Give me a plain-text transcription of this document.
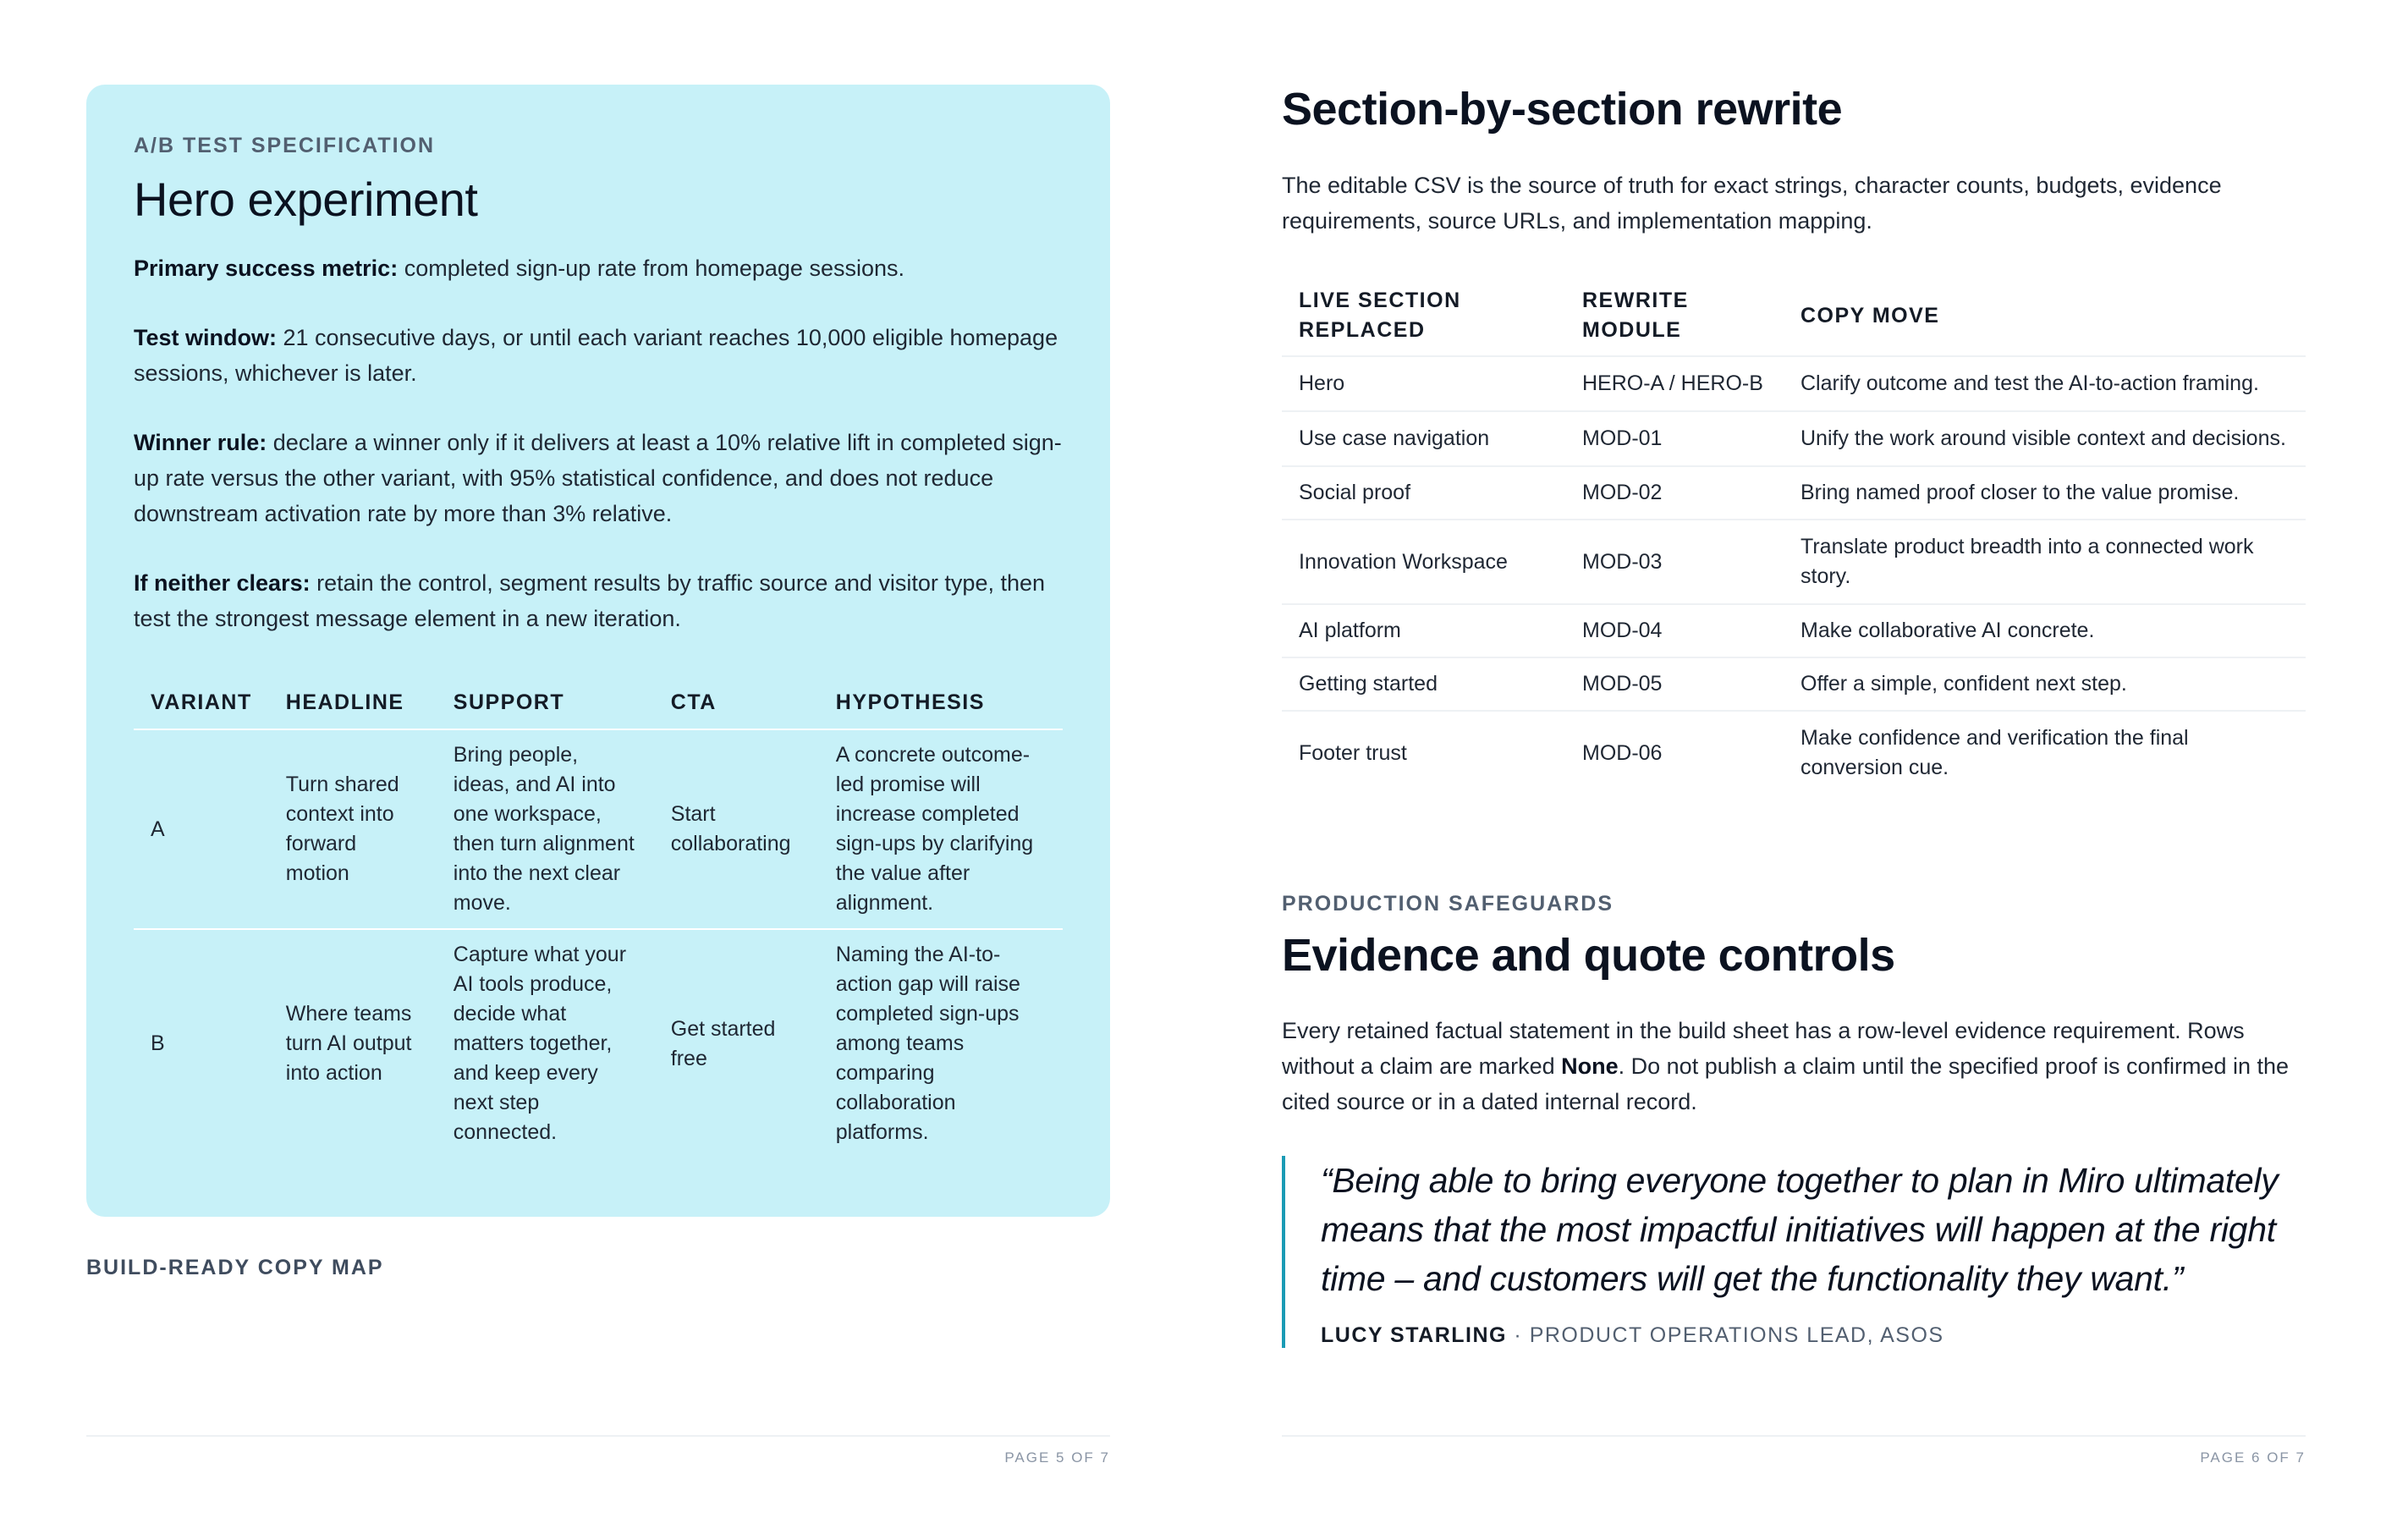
A/B TEST SPECIFICATION
Hero experiment

Primary success metric: completed sign-up rate from homepage sessions.

Test window: 21 consecutive days, or until each variant reaches 10,000 eligible homepage sessions, whichever is later.

Winner rule: declare a winner only if it delivers at least a 10% relative lift in completed sign-up rate versus the other variant, with 95% statistical confidence, and does not reduce downstream activation rate by more than 3% relative.

If neither clears: retain the control, segment results by traffic source and visitor type, then test the strongest message element in a new iteration.

VARIANT	HEADLINE	SUPPORT	CTA	HYPOTHESIS
A	Turn shared context into forward motion	Bring people, ideas, and AI into one workspace, then turn alignment into the next clear move.	Start collaborating	A concrete outcome-led promise will increase completed sign-ups by clarifying the value after alignment.
B	Where teams turn AI output into action	Capture what your AI tools produce, decide what matters together, and keep every next step connected.	Get started free	Naming the AI-to-action gap will raise completed sign-ups among teams comparing collaboration platforms.
BUILD-READY COPY MAP
PAGE 5 OF 7
Section-by-section rewrite

The editable CSV is the source of truth for exact strings, character counts, budgets, evidence requirements, source URLs, and implementation mapping.

LIVE SECTION REPLACED	REWRITE MODULE	COPY MOVE
Hero	HERO-A / HERO-B	Clarify outcome and test the AI-to-action framing.
Use case navigation	MOD-01	Unify the work around visible context and decisions.
Social proof	MOD-02	Bring named proof closer to the value promise.
Innovation Workspace	MOD-03	Translate product breadth into a connected work story.
AI platform	MOD-04	Make collaborative AI concrete.
Getting started	MOD-05	Offer a simple, confident next step.
Footer trust	MOD-06	Make confidence and verification the final conversion cue.
PRODUCTION SAFEGUARDS
Evidence and quote controls

Every retained factual statement in the build sheet has a row-level evidence requirement. Rows without a claim are marked None. Do not publish a claim until the specified proof is confirmed in the cited source or in a dated internal record.

“Being able to bring everyone together to plan in Miro ultimately means that the most impactful initiatives will happen at the right time – and customers will get the functionality they want.”

LUCY STARLING · PRODUCT OPERATIONS LEAD, ASOS

PAGE 6 OF 7
